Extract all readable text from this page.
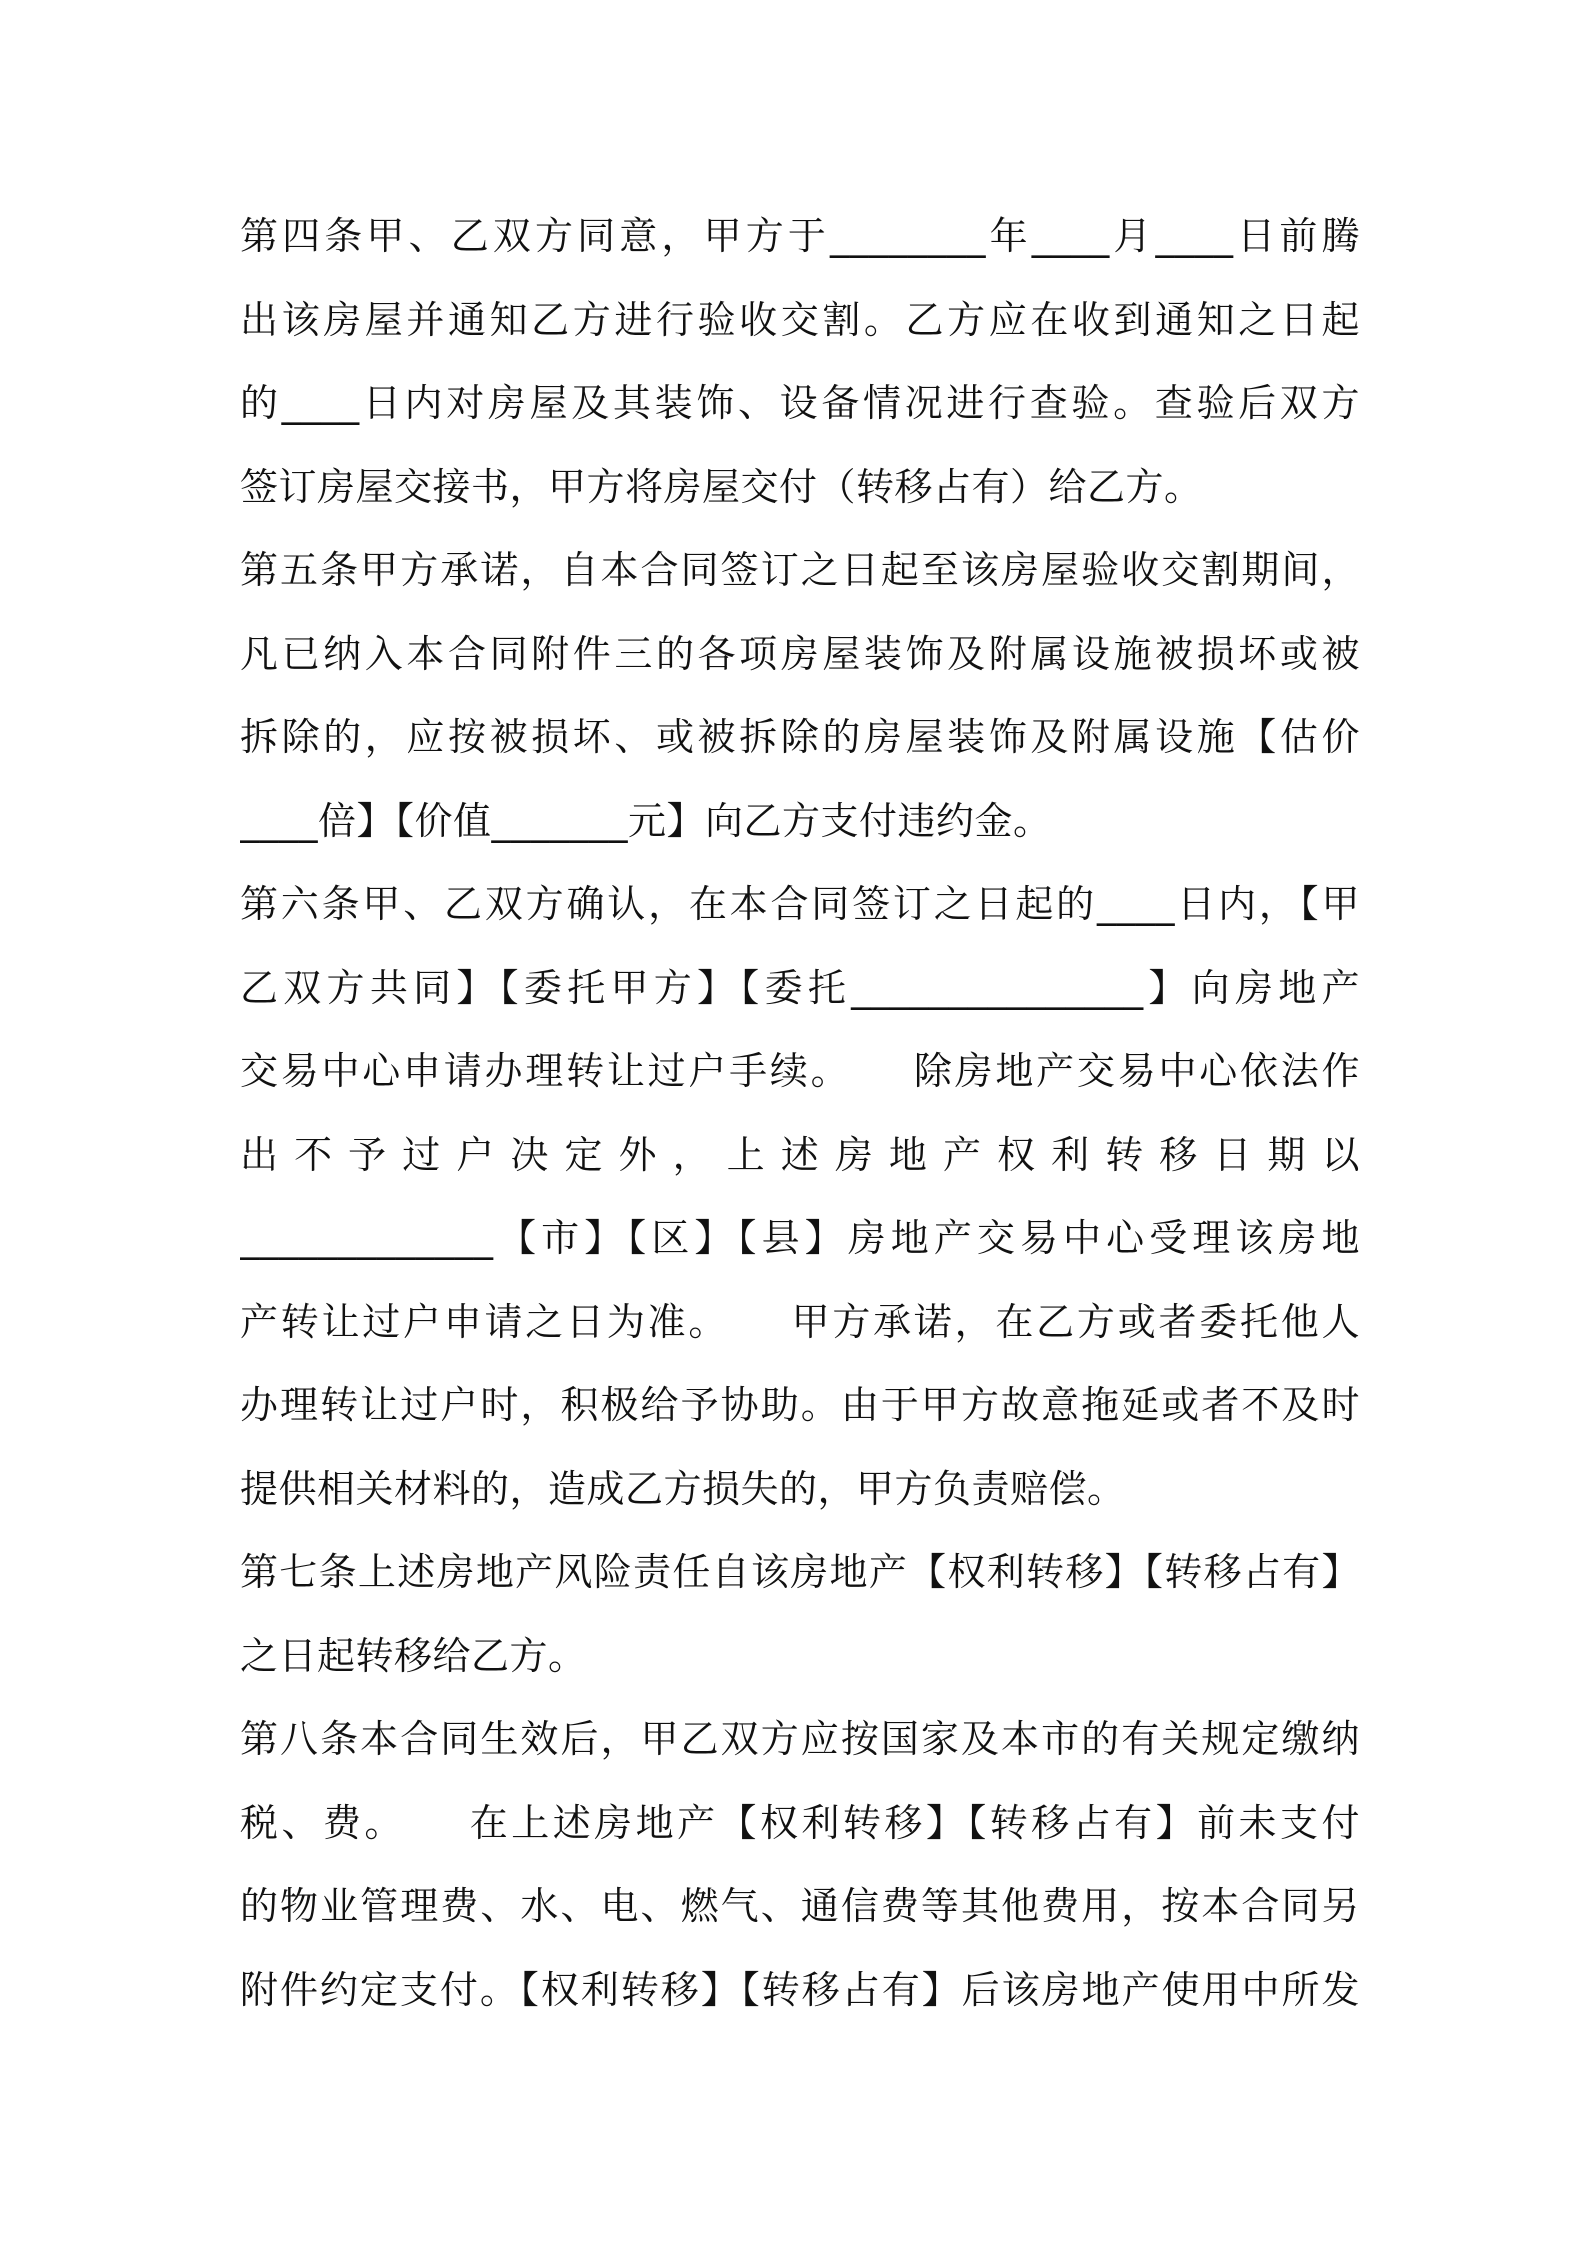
第四条甲、乙双方同意，甲方于________年____月____日前腾
出该房屋并通知乙方进行验收交割。乙方应在收到通知之日起
的____日内对房屋及其装饰、设备情况进行查验。查验后双方
签订房屋交接书，甲方将房屋交付（转移占有）给乙方。
第五条甲方承诺，自本合同签订之日起至该房屋验收交割期间，
凡已纳入本合同附件三的各项房屋装饰及附属设施被损坏或被
拆除的，应按被损坏、或被拆除的房屋装饰及附属设施【估价
____倍】【价值_______元】向乙方支付违约金。
第六条甲、乙双方确认，在本合同签订之日起的____日内，【甲
乙双方共同】【委托甲方】【委托_______________】向房地产
交易中心申请办理转让过户手续。　　除房地产交易中心依法作
出不予过户决定外，上述房地产权利转移日期以
_____________【市】【区】【县】房地产交易中心受理该房地
产转让过户申请之日为准。　　甲方承诺，在乙方或者委托他人
办理转让过户时，积极给予协助。由于甲方故意拖延或者不及时
提供相关材料的，造成乙方损失的，甲方负责赔偿。
第七条上述房地产风险责任自该房地产【权利转移】【转移占有】
之日起转移给乙方。
第八条本合同生效后，甲乙双方应按国家及本市的有关规定缴纳
税、费。　　在上述房地产【权利转移】【转移占有】前未支付
的物业管理费、水、电、燃气、通信费等其他费用，按本合同另
附件约定支付。【权利转移】【转移占有】后该房地产使用中所发
